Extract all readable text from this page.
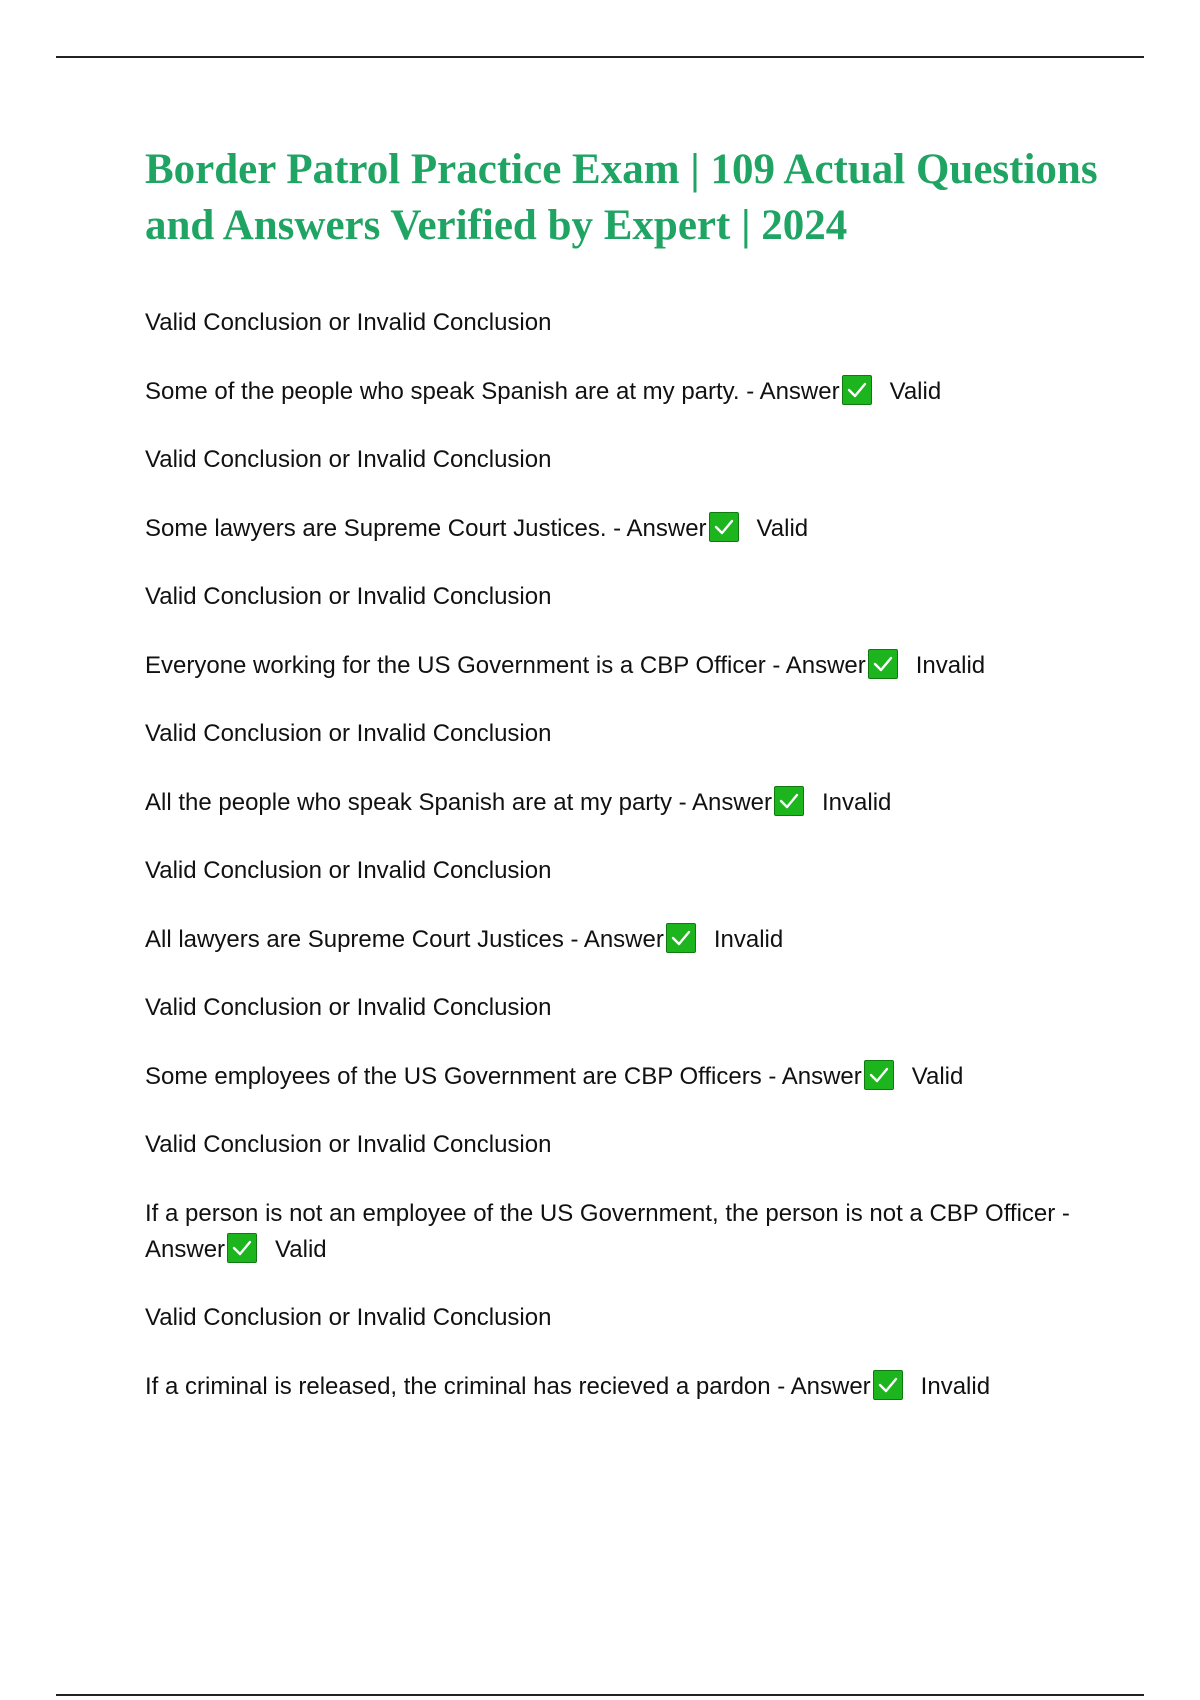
Border Patrol Practice Exam | 109 Actual Questions and Answers Verified by Expert | 2024

Valid Conclusion or Invalid Conclusion

Some of the people who speak Spanish are at my party. - Answer Valid

Valid Conclusion or Invalid Conclusion

Some lawyers are Supreme Court Justices. - Answer Valid

Valid Conclusion or Invalid Conclusion

Everyone working for the US Government is a CBP Officer - Answer Invalid

Valid Conclusion or Invalid Conclusion

All the people who speak Spanish are at my party - Answer Invalid

Valid Conclusion or Invalid Conclusion

All lawyers are Supreme Court Justices - Answer Invalid

Valid Conclusion or Invalid Conclusion

Some employees of the US Government are CBP Officers - Answer Valid

Valid Conclusion or Invalid Conclusion

If a person is not an employee of the US Government, the person is not a CBP Officer - Answer Valid

Valid Conclusion or Invalid Conclusion

If a criminal is released, the criminal has recieved a pardon - Answer Invalid
